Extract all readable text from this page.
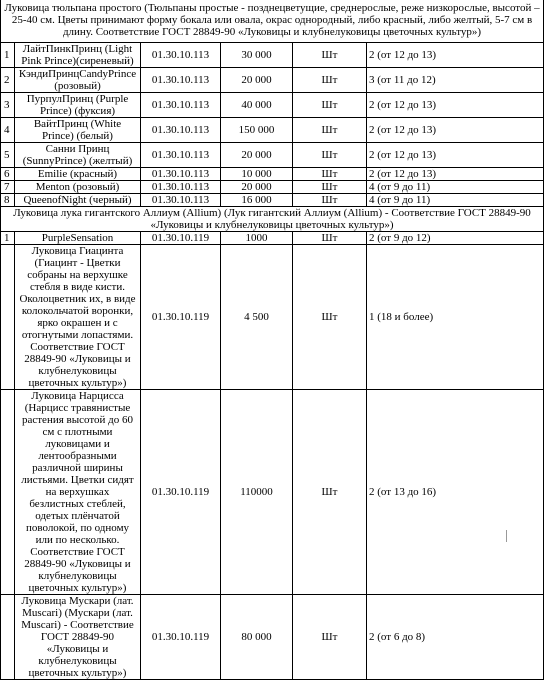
Луковица тюльпана простого (Тюльпаны простые - позднецветущие, среднерослые, реже низкорослые, высотой – 25-40 см. Цветы принимают форму бокала или овала, окрас однородный, либо красный, либо желтый, 5-7 см в длину. Соответствие ГОСТ 28849-90 «Луковицы и клубнелуковицы цветочных культур»)					
1	ЛайтПинкПринц (Light Pink Prince)(сиреневый)	01.30.10.113	30 000	Шт	2 (от 12 до 13)
2	КэндиПринцCandyPrince (розовый)	01.30.10.113	20 000	Шт	3 (от 11 до 12)
3	ПурпулПринц (Purple Prince) (фуксия)	01.30.10.113	40 000	Шт	2 (от 12 до 13)
4	ВайтПринц (White Prince) (белый)	01.30.10.113	150 000	Шт	2 (от 12 до 13)
5	Санни Принц (SunnyPrince) (желтый)	01.30.10.113	20 000	Шт	2 (от 12 до 13)
6	Emilie (красный)	01.30.10.113	10 000	Шт	2 (от 12 до 13)
7	Menton (розовый)	01.30.10.113	20 000	Шт	4 (от 9 до 11)
8	QueenofNight (черный)	01.30.10.113	16 000	Шт	4 (от 9 до 11)
Луковица лука гигантского Аллиум (Allium) (Лук гигантский Аллиум (Allium) - Соответствие ГОСТ 28849-90 «Луковицы и клубнелуковицы цветочных культур»)					
1	PurpleSensation	01.30.10.119	1000	Шт	2 (от 9 до 12)
	Луковица Гиацинта (Гиацинт - Цветки собраны на верхушке стебля в виде кисти. Околоцветник их, в виде колокольчатой воронки, ярко окрашен и с отогнутыми лопастями. Соответствие ГОСТ 28849-90 «Луковицы и клубнелуковицы цветочных культур»)	01.30.10.119	4 500	Шт	1 (18 и более)
	Луковица Нарцисса (Нарцисс травянистые растения высотой до 60 см с плотными луковицами и лентообразными различной ширины листьями. Цветки сидят на верхушках безлистных стеблей, одетых плёнчатой поволокой, по одному или по несколько. Соответствие ГОСТ 28849-90 «Луковицы и клубнелуковицы цветочных культур»)	01.30.10.119	110000	Шт	2 (от 13 до 16)
	Луковица Мускари (лат. Muscari) (Мускари (лат. Muscari) - Соответствие ГОСТ 28849-90 «Луковицы и клубнелуковицы цветочных культур»)	01.30.10.119	80 000	Шт	2 (от 6 до 8)
